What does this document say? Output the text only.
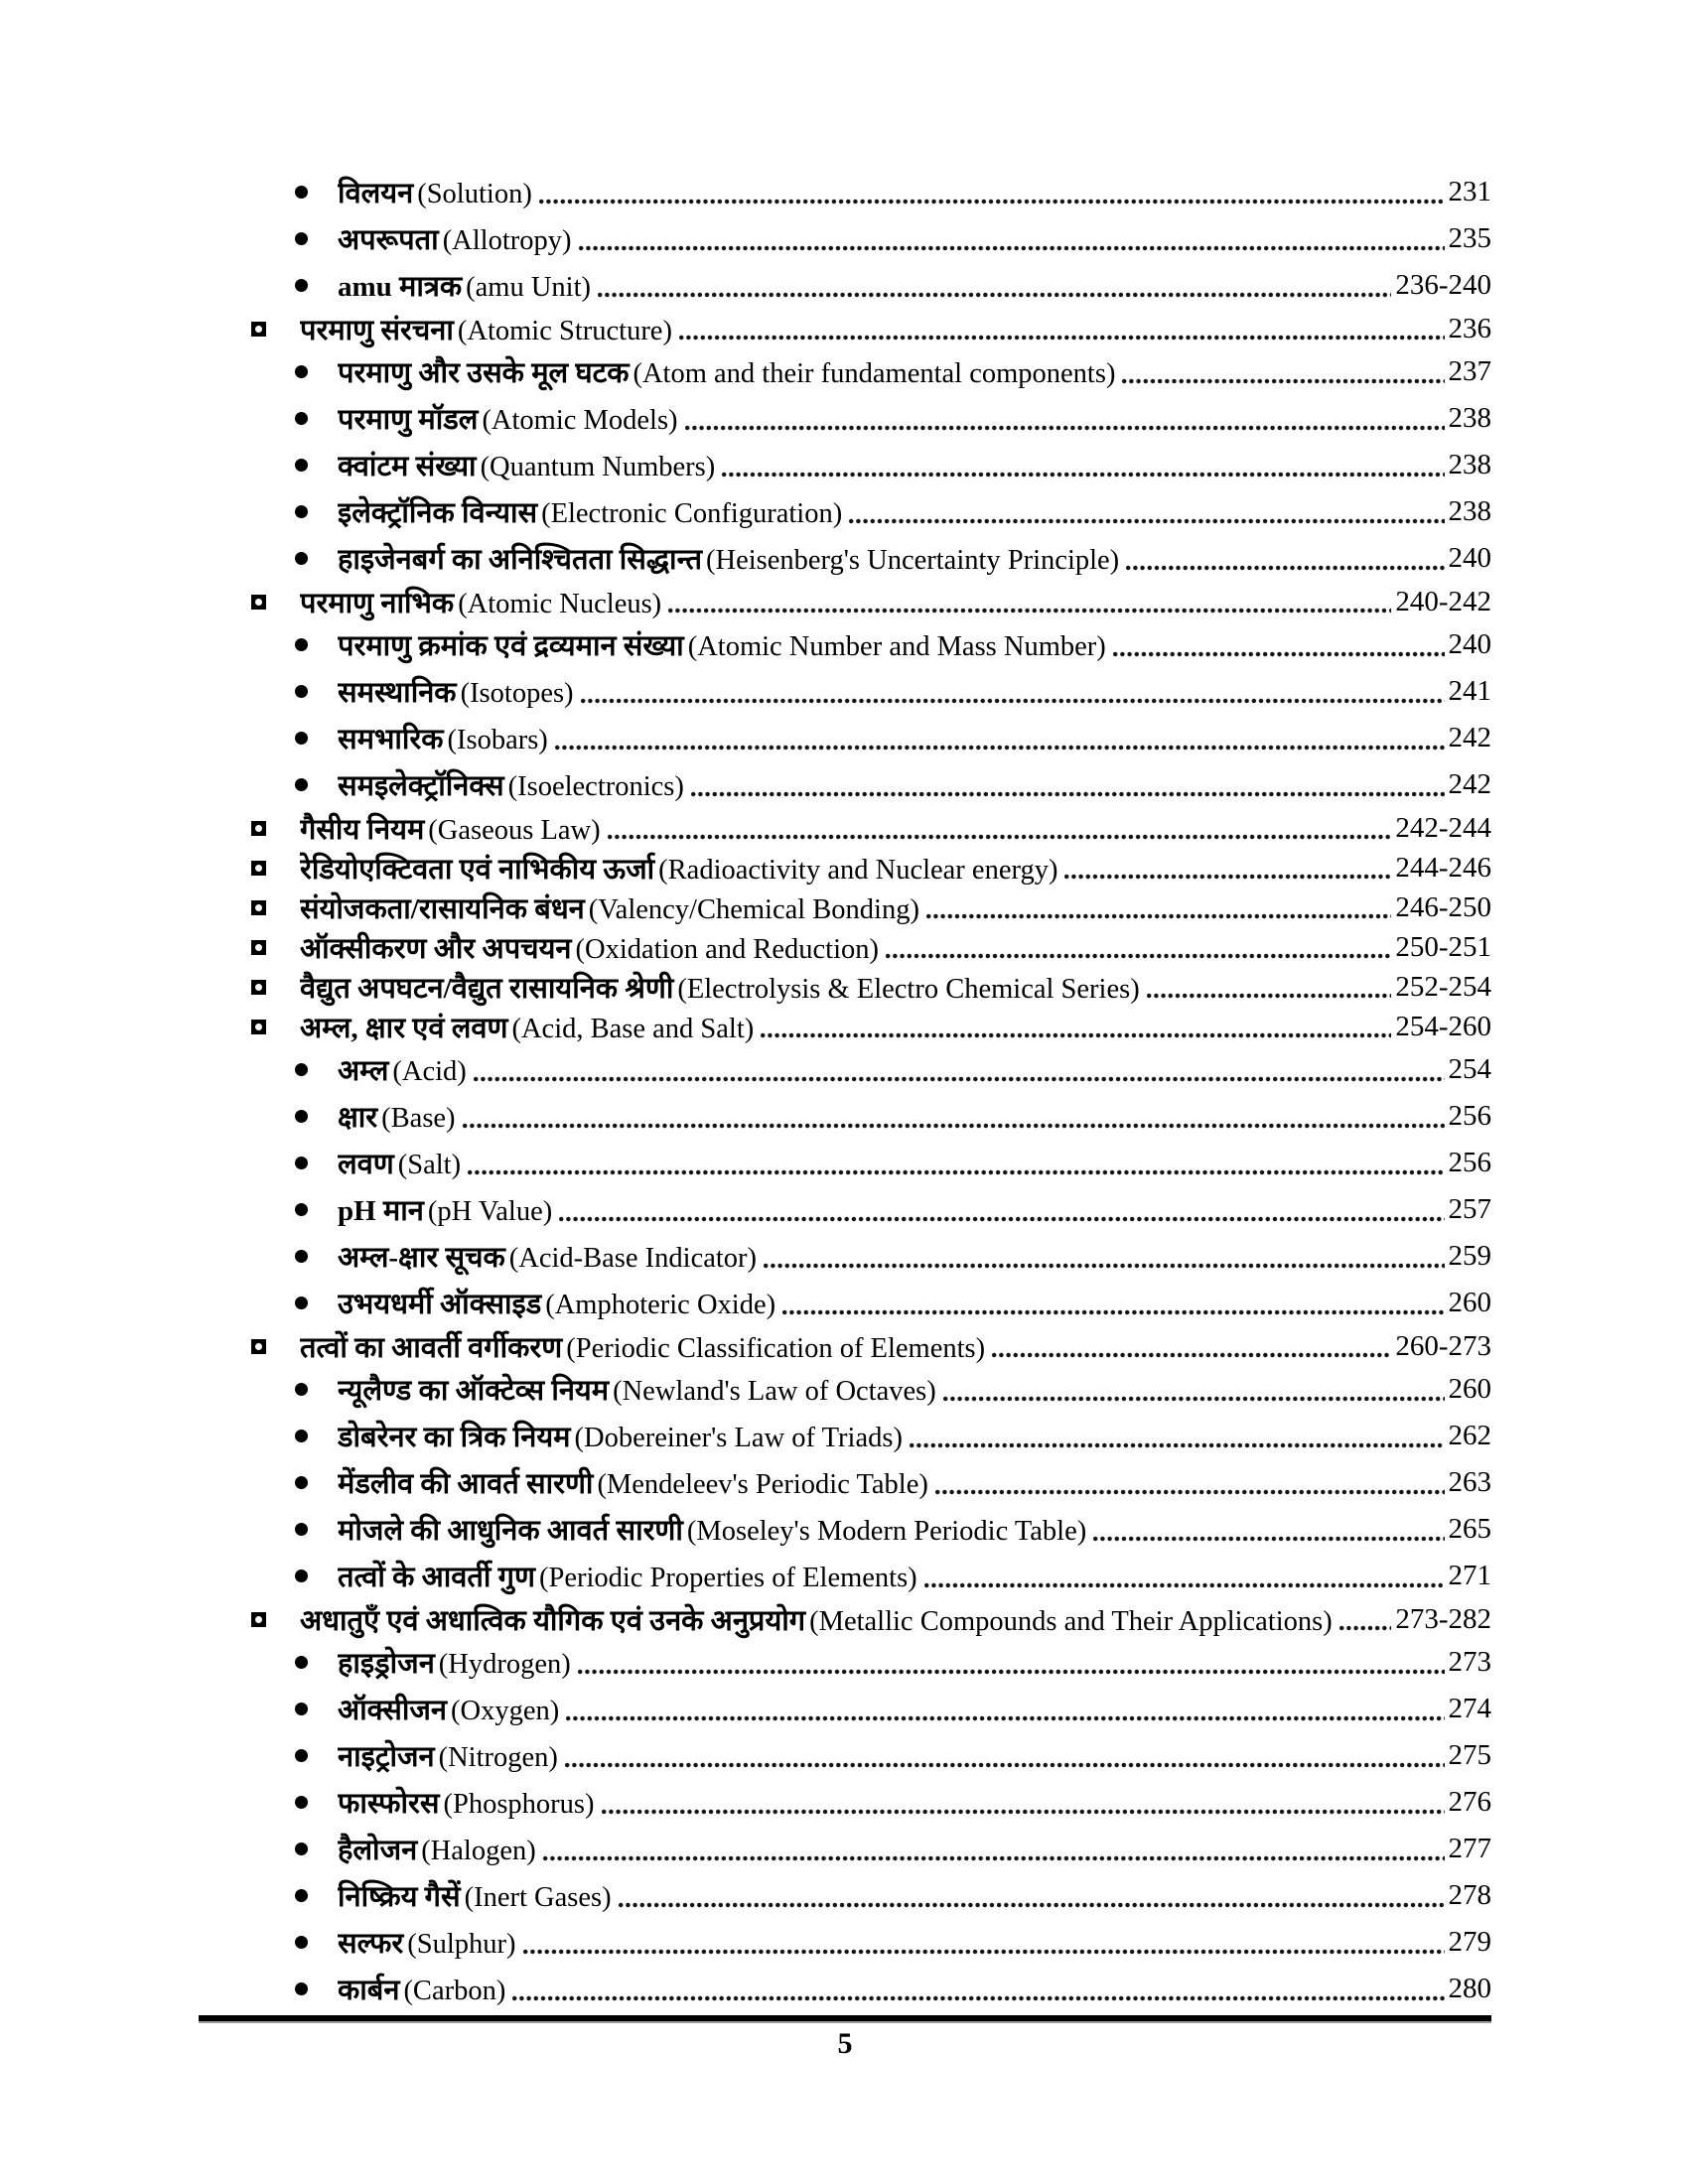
विलयन (Solution)	231
अपरूपता (Allotropy)	235
amu मात्रक (amu Unit)	236-240
परमाणु संरचना (Atomic Structure)	236
परमाणु और उसके मूल घटक (Atom and their fundamental components)	237
परमाणु मॉडल (Atomic Models)	238
क्वांटम संख्या (Quantum Numbers)	238
इलेक्ट्रॉनिक विन्यास (Electronic Configuration)	238
हाइजेनबर्ग का अनिश्चितता सिद्धान्त (Heisenberg's Uncertainty Principle)	240
परमाणु नाभिक (Atomic Nucleus)	240-242
परमाणु क्रमांक एवं द्रव्यमान संख्या (Atomic Number and Mass Number)	240
समस्थानिक (Isotopes)	241
समभारिक (Isobars)	242
समइलेक्ट्रॉनिक्स (Isoelectronics)	242
गैसीय नियम (Gaseous Law)	242-244
रेडियोएक्टिवता एवं नाभिकीय ऊर्जा (Radioactivity and Nuclear energy)	244-246
संयोजकता/रासायनिक बंधन (Valency/Chemical Bonding)	246-250
ऑक्सीकरण और अपचयन (Oxidation and Reduction)	250-251
वैद्युत अपघटन/वैद्युत रासायनिक श्रेणी (Electrolysis & Electro Chemical Series)	252-254
अम्ल, क्षार एवं लवण (Acid, Base and Salt)	254-260
अम्ल (Acid)	254
क्षार (Base)	256
लवण (Salt)	256
pH मान (pH Value)	257
अम्ल-क्षार सूचक (Acid-Base Indicator)	259
उभयधर्मी ऑक्साइड (Amphoteric Oxide)	260
तत्वों का आवर्ती वर्गीकरण (Periodic Classification of Elements)	260-273
न्यूलैण्ड का ऑक्टेव्स नियम (Newland's Law of Octaves)	260
डोबरेनर का त्रिक नियम (Dobereiner's Law of Triads)	262
मेंडलीव की आवर्त सारणी (Mendeleev's Periodic Table)	263
मोजले की आधुनिक आवर्त सारणी (Moseley's Modern Periodic Table)	265
तत्वों के आवर्ती गुण (Periodic Properties of Elements)	271
अधातुएँ एवं अधात्विक यौगिक एवं उनके अनुप्रयोग (Metallic Compounds and Their Applications) 273-282
हाइड्रोजन (Hydrogen)	273
ऑक्सीजन (Oxygen)	274
नाइट्रोजन (Nitrogen)	275
फास्फोरस (Phosphorus)	276
हैलोजन (Halogen)	277
निष्क्रिय गैसें (Inert Gases)	278
सल्फर (Sulphur)	279
कार्बन (Carbon)	280
5
